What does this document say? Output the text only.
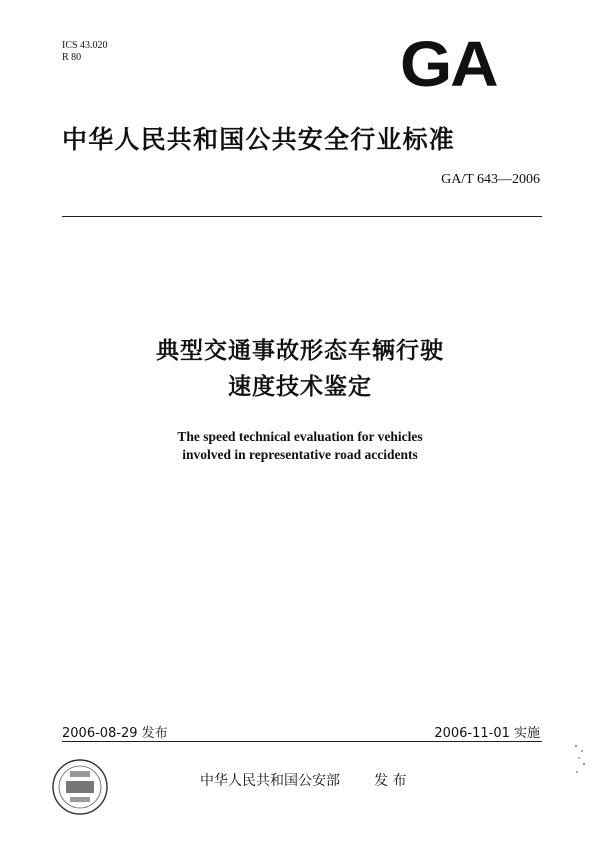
ICS 43.020
R 80	GA
中华人民共和国公共安全行业标准
GA/T 643—2006
典型交通事故形态车辆行驶
速度技术鉴定
The speed technical evaluation for vehicles
involved in representative road accidents
2006-08-29 发布	2006-11-01 实施
中华人民共和国公安部 发 布
